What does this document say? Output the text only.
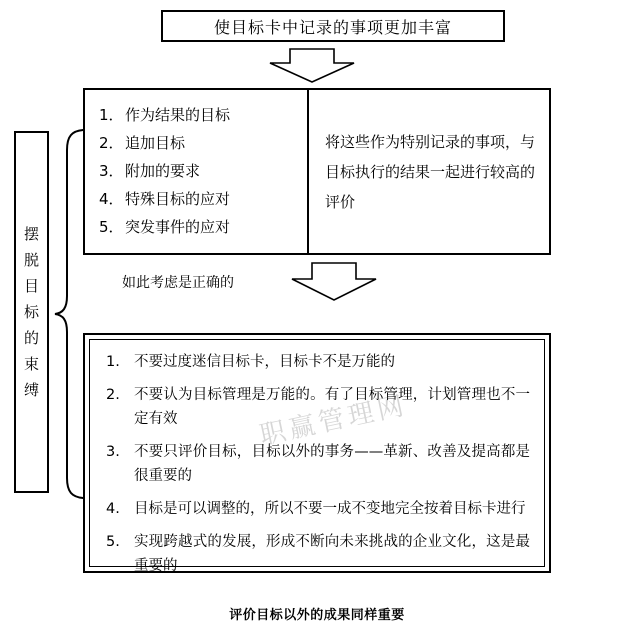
使目标卡中记录的事项更加丰富
1．作为结果的目标
2．追加目标
3．附加的要求
4．特殊目标的应对
5．突发事件的应对
将这些作为特别记录的事项，与目标执行的结果一起进行较高的评价
如此考虑是正确的
1. 不要过度迷信目标卡，目标卡不是万能的
2. 不要认为目标管理是万能的。有了目标管理，计划管理也不一定有效
3. 不要只评价目标，目标以外的事务——革新、改善及提高都是很重要的
4. 目标是可以调整的，所以不要一成不变地完全按着目标卡进行
5. 实现跨越式的发展，形成不断向未来挑战的企业文化，这是最重要的
摆
脱
目
标
的
束
缚
职赢管理网
评价目标以外的成果同样重要
